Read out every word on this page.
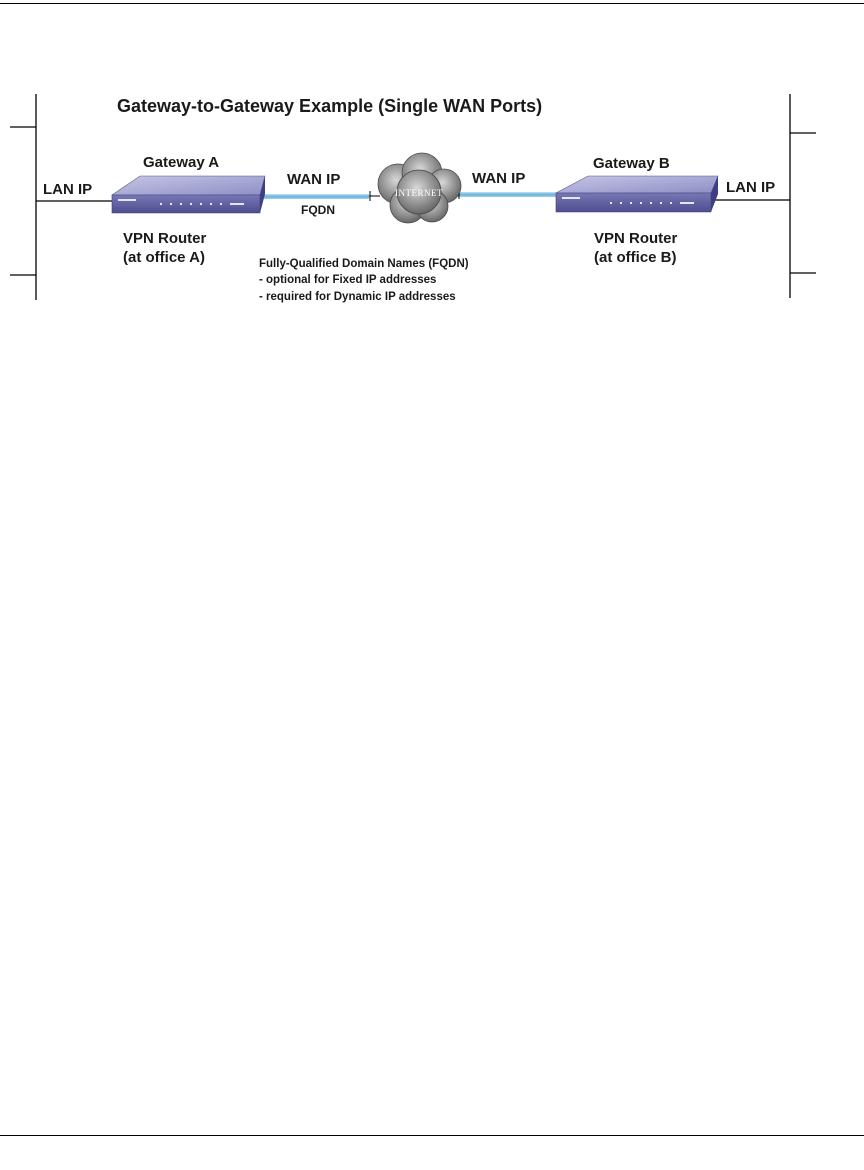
INTERNET
Gateway-to-Gateway Example (Single WAN Ports)
LAN IP
Gateway A
VPN Router
(at office A)
WAN IP
FQDN
WAN IP
Gateway B
LAN IP
VPN Router
(at office B)
Fully-Qualified Domain Names (FQDN)
- optional for Fixed IP addresses
- required for Dynamic IP addresses
